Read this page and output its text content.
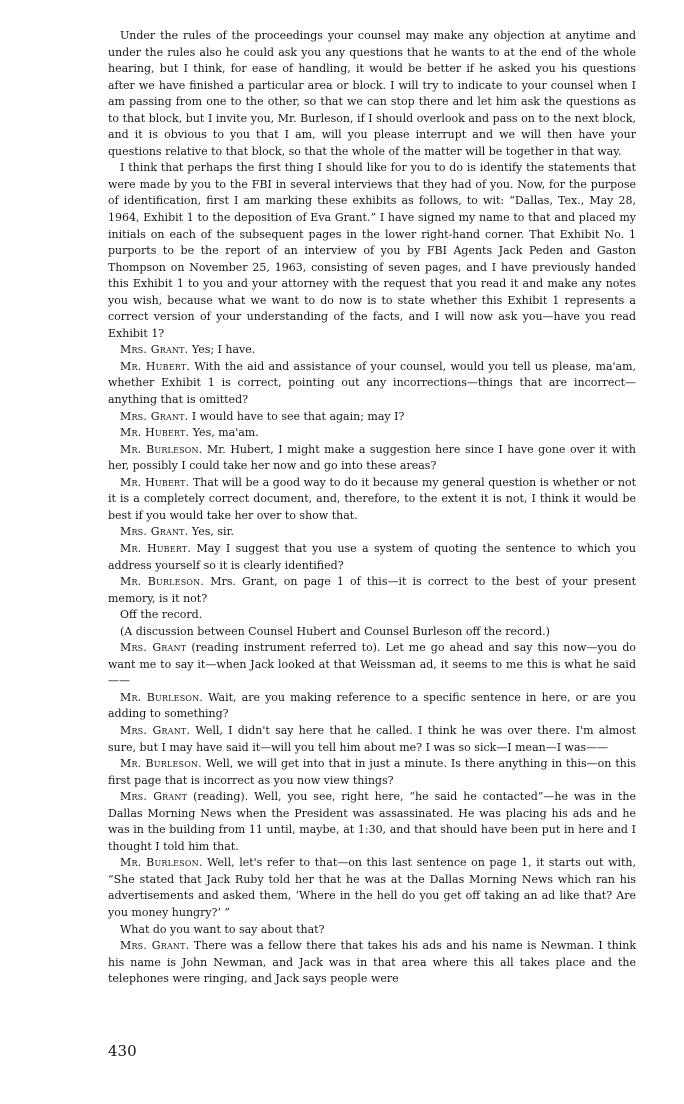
Under the rules of the proceedings your counsel may make any objection at anytime and under the rules also he could ask you any questions that he wants to at the end of the whole hearing, but I think, for ease of handling, it would be better if he asked you his questions after we have finished a particular area or block. I will try to indicate to your counsel when I am passing from one to the other, so that we can stop there and let him ask the questions as to that block, but I invite you, Mr. Burleson, if I should overlook and pass on to the next block, and it is obvious to you that I am, will you please interrupt and we will then have your questions relative to that block, so that the whole of the matter will be together in that way.

I think that perhaps the first thing I should like for you to do is identify the statements that were made by you to the FBI in several interviews that they had of you. Now, for the purpose of identification, first I am marking these exhibits as follows, to wit: “Dallas, Tex., May 28, 1964, Exhibit 1 to the deposition of Eva Grant.” I have signed my name to that and placed my initials on each of the subsequent pages in the lower right-hand corner. That Exhibit No. 1 purports to be the report of an interview of you by FBI Agents Jack Peden and Gaston Thompson on November 25, 1963, consisting of seven pages, and I have previously handed this Exhibit 1 to you and your attorney with the request that you read it and make any notes you wish, because what we want to do now is to state whether this Exhibit 1 represents a correct version of your understanding of the facts, and I will now ask you—have you read Exhibit 1?

Mrs. Grant. Yes; I have.

Mr. Hubert. With the aid and assistance of your counsel, would you tell us please, ma'am, whether Exhibit 1 is correct, pointing out any incorrections—things that are incorrect—anything that is omitted?

Mrs. Grant. I would have to see that again; may I?

Mr. Hubert. Yes, ma'am.

Mr. Burleson. Mr. Hubert, I might make a suggestion here since I have gone over it with her, possibly I could take her now and go into these areas?

Mr. Hubert. That will be a good way to do it because my general question is whether or not it is a completely correct document, and, therefore, to the extent it is not, I think it would be best if you would take her over to show that.

Mrs. Grant. Yes, sir.

Mr. Hubert. May I suggest that you use a system of quoting the sentence to which you address yourself so it is clearly identified?

Mr. Burleson. Mrs. Grant, on page 1 of this—it is correct to the best of your present memory, is it not?

Off the record.

(A discussion between Counsel Hubert and Counsel Burleson off the record.)

Mrs. Grant (reading instrument referred to). Let me go ahead and say this now—you do want me to say it—when Jack looked at that Weissman ad, it seems to me this is what he said——

Mr. Burleson. Wait, are you making reference to a specific sentence in here, or are you adding to something?

Mrs. Grant. Well, I didn't say here that he called. I think he was over there. I'm almost sure, but I may have said it—will you tell him about me? I was so sick—I mean—I was——

Mr. Burleson. Well, we will get into that in just a minute. Is there anything in this—on this first page that is incorrect as you now view things?

Mrs. Grant (reading). Well, you see, right here, “he said he contacted”—he was in the Dallas Morning News when the President was assassinated. He was placing his ads and he was in the building from 11 until, maybe, at 1:30, and that should have been put in here and I thought I told him that.

Mr. Burleson. Well, let's refer to that—on this last sentence on page 1, it starts out with, “She stated that Jack Ruby told her that he was at the Dallas Morning News which ran his advertisements and asked them, ‘Where in the hell do you get off taking an ad like that? Are you money hungry?’ ”

What do you want to say about that?

Mrs. Grant. There was a fellow there that takes his ads and his name is Newman. I think his name is John Newman, and Jack was in that area where this all takes place and the telephones were ringing, and Jack says people were

430
